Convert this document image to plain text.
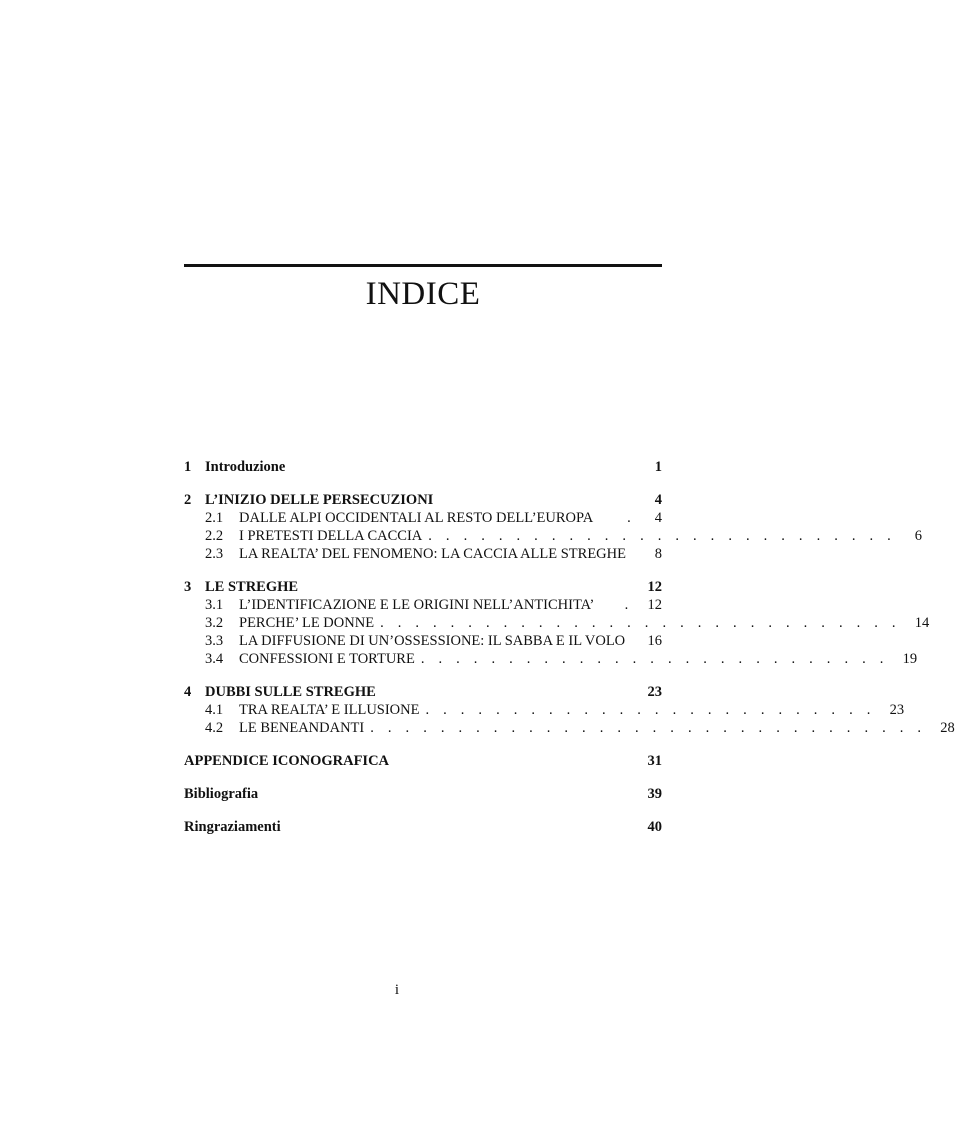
INDICE
1 Introduzione	1
2 L’INIZIO DELLE PERSECUZIONI	4
2.1	DALLE ALPI OCCIDENTALI AL RESTO DELL’EUROPA	.	4
2.2	I PRETESTI DELLA CACCIA . . . . . . . . . . . . . . . . . . . . . . . . . . .	6
2.3	LA REALTA’ DEL FENOMENO: LA CACCIA ALLE STREGHE	8
3 LE STREGHE	12
3.1	L’IDENTIFICAZIONE E LE ORIGINI NELL’ANTICHITA’	. 12
3.2	PERCHE’ LE DONNE . . . . . . . . . . . . . . . . . . . . . . . . . . . . . . 14
3.3	LA DIFFUSIONE DI UN’OSSESSIONE: IL SABBA E IL VOLO 16
3.4	CONFESSIONI E TORTURE . . . . . . . . . . . . . . . . . . . . . . . . . . . 19
4 DUBBI SULLE STREGHE	23
4.1	TRA REALTA’ E ILLUSIONE . . . . . . . . . . . . . . . . . . . . . . . . . . 23
4.2	LE BENEANDANTI . . . . . . . . . . . . . . . . . . . . . . . . . . . . . . . . 28
APPENDICE ICONOGRAFICA	31
Bibliografia	39
Ringraziamenti	40
i
